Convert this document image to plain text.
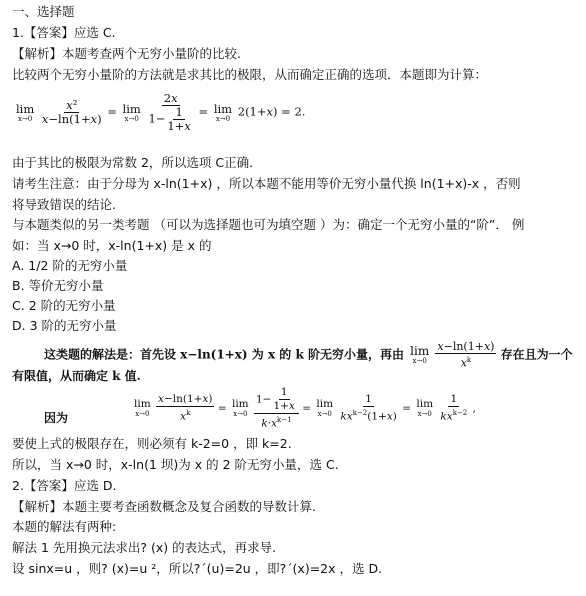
一、选择题
1.【答案】应选 C.
【解析】本题考查两个无穷小量阶的比较.
比较两个无穷小量阶的方法就是求其比的极限，从而确定正确的选项．本题即为计算：
lim
x→0
$\frac{\text{x²}}{x-\ln(1+x)} = \lim$
x→0
$\frac{2x}{1- \frac{1}{1+x}} = \lim$
x→0 2(1+x) = 2.
由于其比的极限为常数 2，所以选项 C正确.
请考生注意：由于分母为 x-ln(1+x) ，所以本题不能用等价无穷小量代换 ln(1+x)-x ，否则
将导致错误的结论.
与本题类似的另一类考题 （可以为选择题也可为填空题 ）为：确定一个无穷小量的“阶”． 例
如：当 x→0 时，x-ln(1+x) 是 x 的
A. 1/2 阶的无穷小量
B. 等价无穷小量
C. 2 阶的无穷小量
D. 3 阶的无穷小量
这类题的解法是：首先设 x−ln(1+x) 为 x 的 k 阶无穷小量，再由 lim
x→0
$\frac{x-\ln(1+x)}{x^k}$ 存在且为一个
有限值，从而确定 k 值.
因为
lim
x→0
$\frac{x-\ln(1+x)}{x^k} = \lim$
x→0
$\frac{1- \frac{1}{1+x}}{k\cdot x^{k-1}} = \lim$
x→0
$\frac{1}{kx^{k-2}(1+x)} = \lim$
x→0
$\frac{1}{kx^{k-2}}$ ,
要使上式的极限存在，则必须有 k-2=0 ，即 k=2.
所以，当 x→0 时，x-ln(1 坝)为 x 的 2 阶无穷小量，选 C.
2.【答案】应选 D.
【解析】本题主要考查函数概念及复合函数的导数计算.
本题的解法有两种:
解法 1 先用换元法求出? (x) 的表达式，再求导.
设 sinx=u ，则? (x)=u ²，所以?´(u)=2u ，即?´(x)=2x ，选 D.
